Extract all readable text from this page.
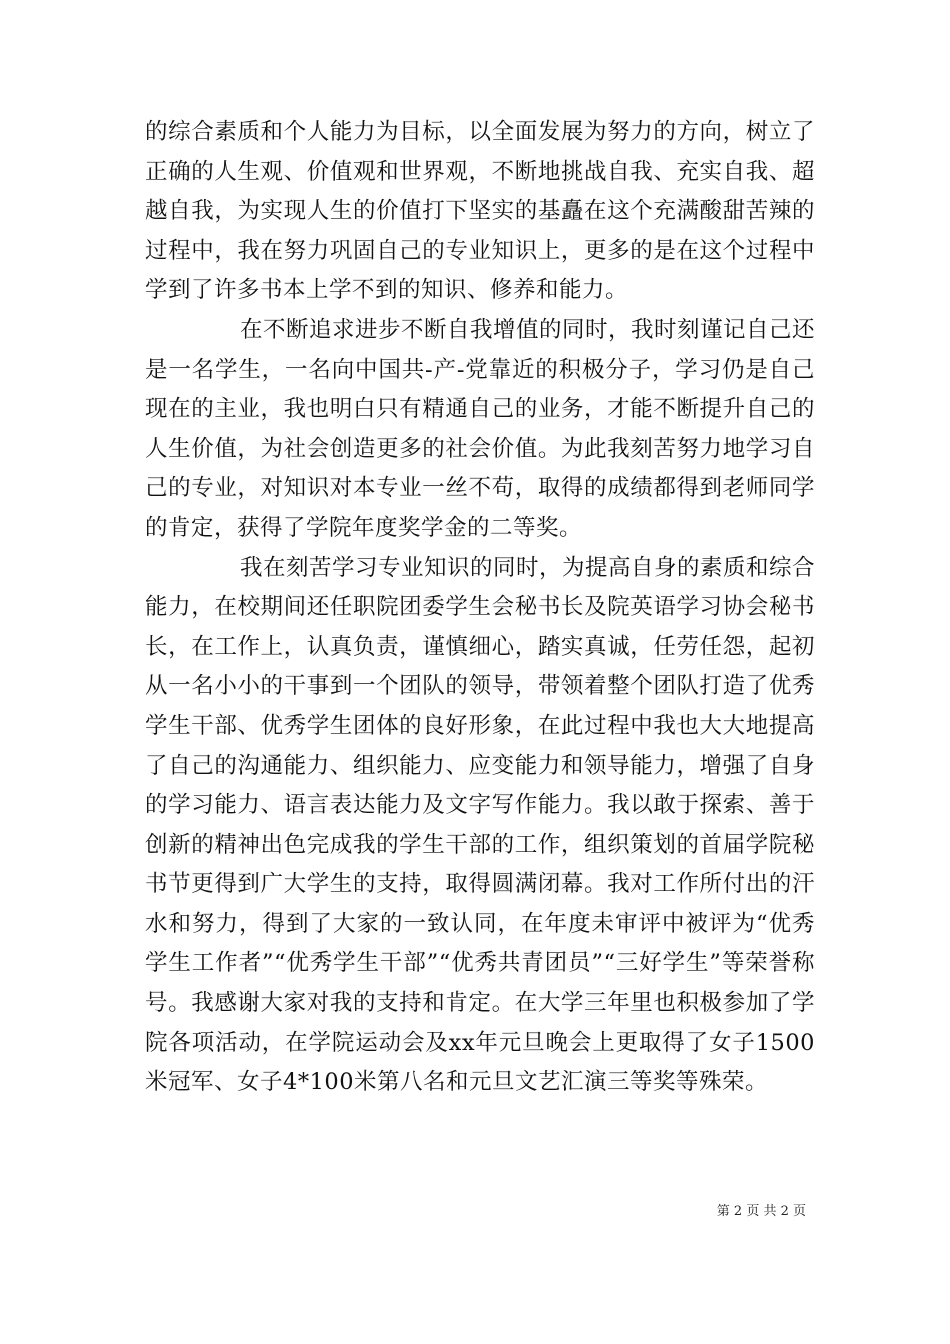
的综合素质和个人能力为目标，以全面发展为努力的方向，树立了正确的人生观、价值观和世界观，不断地挑战自我、充实自我、超越自我，为实现人生的价值打下坚实的基矗在这个充满酸甜苦辣的过程中，我在努力巩固自己的专业知识上，更多的是在这个过程中学到了许多书本上学不到的知识、修养和能力。

在不断追求进步不断自我增值的同时，我时刻谨记自己还是一名学生，一名向中国共-产-党靠近的积极分子，学习仍是自己现在的主业，我也明白只有精通自己的业务，才能不断提升自己的人生价值，为社会创造更多的社会价值。为此我刻苦努力地学习自己的专业，对知识对本专业一丝不苟，取得的成绩都得到老师同学的肯定，获得了学院年度奖学金的二等奖。

我在刻苦学习专业知识的同时，为提高自身的素质和综合能力，在校期间还任职院团委学生会秘书长及院英语学习协会秘书长，在工作上，认真负责，谨慎细心，踏实真诚，任劳任怨，起初从一名小小的干事到一个团队的领导，带领着整个团队打造了优秀学生干部、优秀学生团体的良好形象，在此过程中我也大大地提高了自己的沟通能力、组织能力、应变能力和领导能力，增强了自身的学习能力、语言表达能力及文字写作能力。我以敢于探索、善于创新的精神出色完成我的学生干部的工作，组织策划的首届学院秘书节更得到广大学生的支持，取得圆满闭幕。我对工作所付出的汗水和努力，得到了大家的一致认同，在年度未审评中被评为“优秀学生工作者”“优秀学生干部”“优秀共青团员”“三好学生”等荣誉称号。我感谢大家对我的支持和肯定。在大学三年里也积极参加了学院各项活动，在学院运动会及xx年元旦晚会上更取得了女子1500米冠军、女子4*100米第八名和元旦文艺汇演三等奖等殊荣。

第 2 页 共 2 页
